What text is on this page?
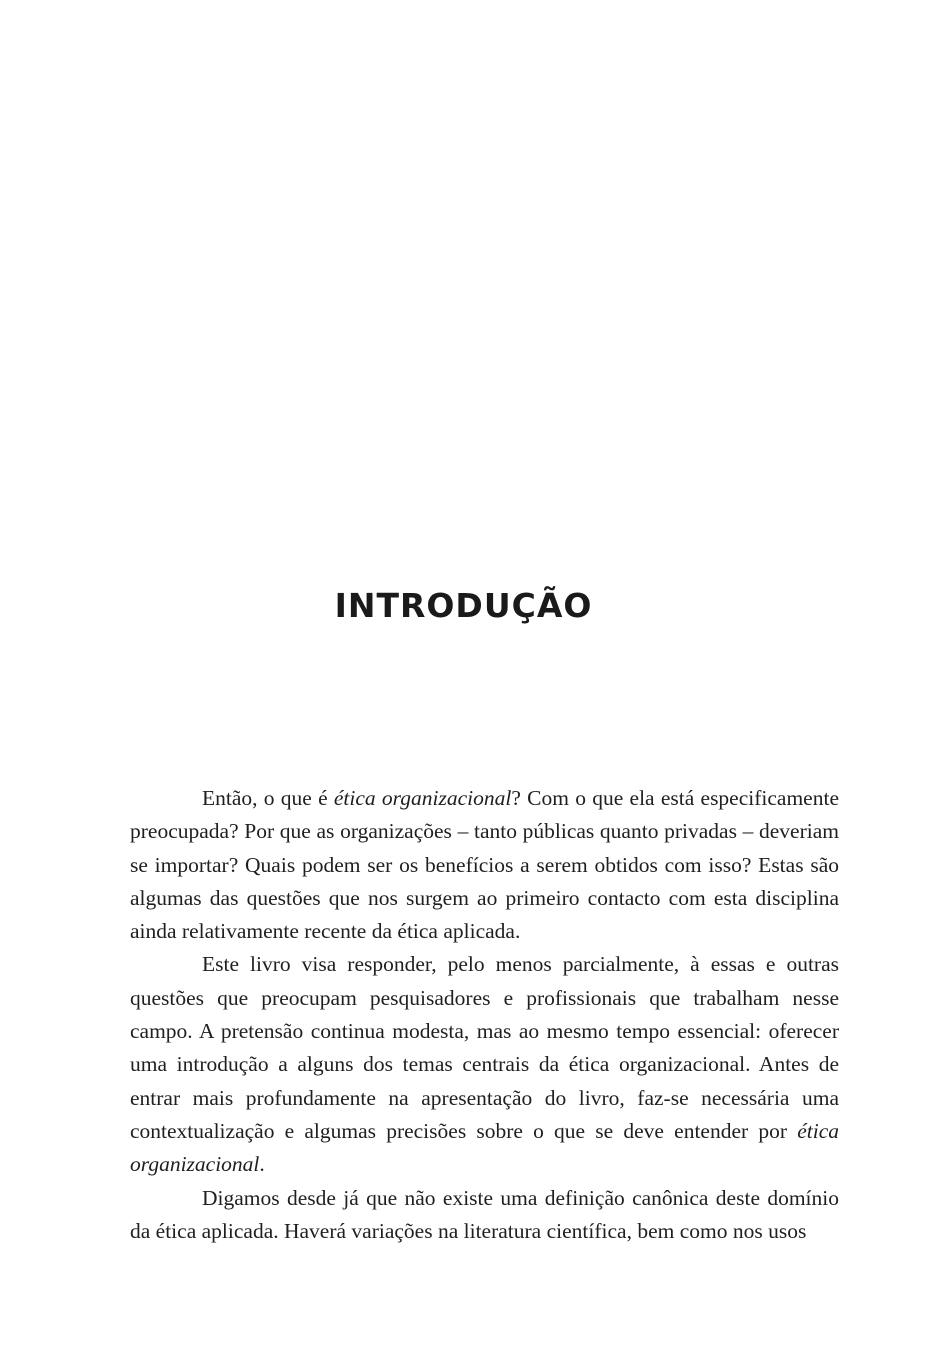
INTRODUÇÃO

Então, o que é ética organizacional? Com o que ela está especificamente preocupada? Por que as organizações – tanto públicas quanto privadas – deveriam se importar? Quais podem ser os benefícios a serem obtidos com isso? Estas são algumas das questões que nos surgem ao primeiro contacto com esta disciplina ainda relativamente recente da ética aplicada.

Este livro visa responder, pelo menos parcialmente, à essas e outras questões que preocupam pesquisadores e profissionais que trabalham nesse campo. A pretensão continua modesta, mas ao mesmo tempo essencial: oferecer uma introdução a alguns dos temas centrais da ética organizacional. Antes de entrar mais profundamente na apresentação do livro, faz-se necessária uma contextualização e algumas precisões sobre o que se deve entender por ética organizacional.

Digamos desde já que não existe uma definição canônica deste domínio da ética aplicada. Haverá variações na literatura científica, bem como nos usos
